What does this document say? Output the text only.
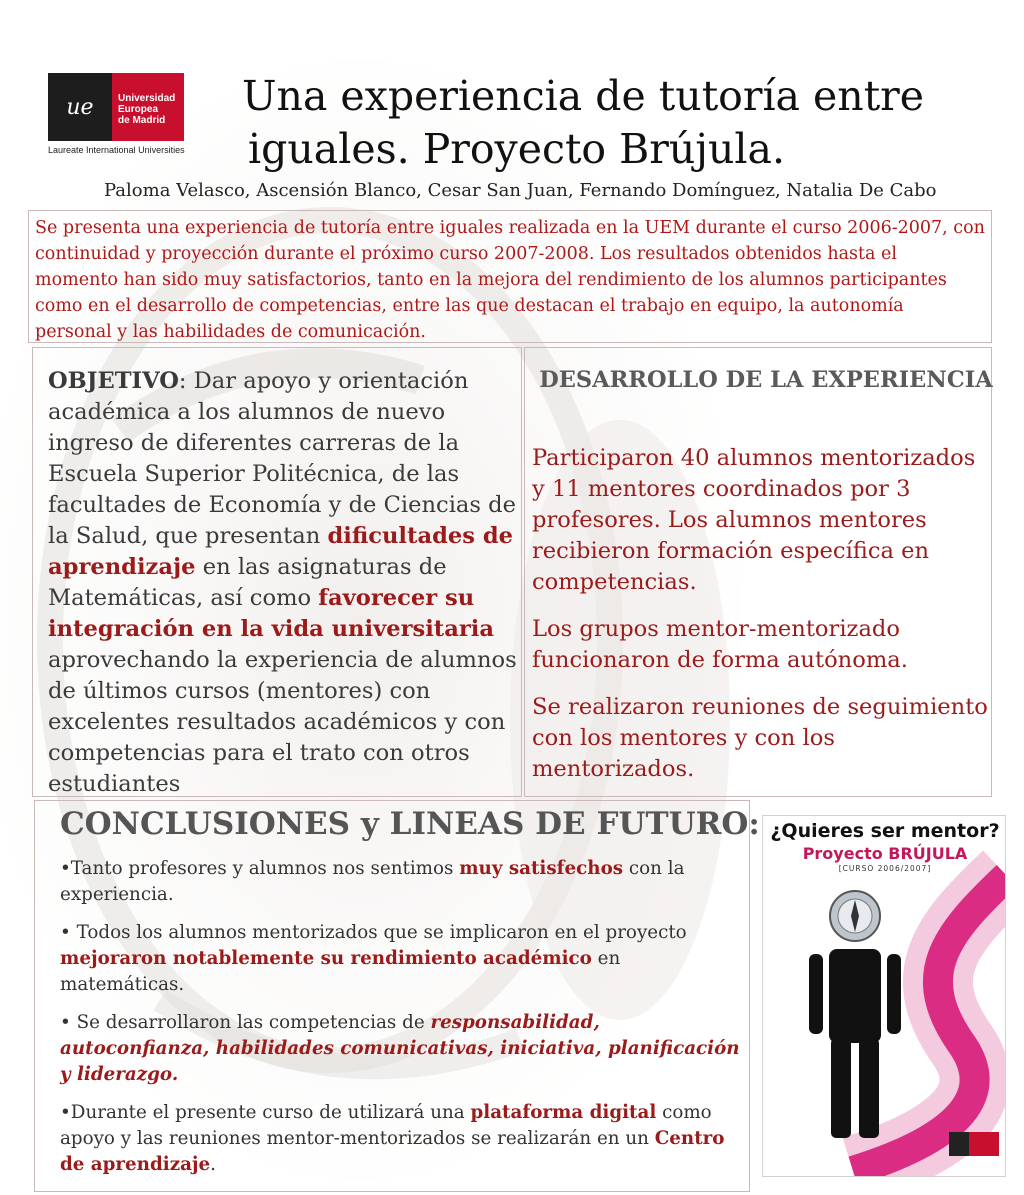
ue Universidad
Europea
de Madrid
Laureate International Universities
Una experiencia de tutoría entre
iguales. Proyecto Brújula.
Paloma Velasco, Ascensión Blanco, Cesar San Juan, Fernando Domínguez, Natalia De Cabo
Se presenta una experiencia de tutoría entre iguales realizada en la UEM durante el curso 2006-2007, con continuidad y proyección durante el próximo curso 2007-2008. Los resultados obtenidos hasta el momento han sido muy satisfactorios, tanto en la mejora del rendimiento de los alumnos participantes como en el desarrollo de competencias, entre las que destacan el trabajo en equipo, la autonomía personal y las habilidades de comunicación.
OBJETIVO: Dar apoyo y orientación académica a los alumnos de nuevo ingreso de diferentes carreras de la Escuela Superior Politécnica, de las facultades de Economía y de Ciencias de la Salud, que presentan dificultades de aprendizaje en las asignaturas de Matemáticas, así como favorecer su integración en la vida universitaria aprovechando la experiencia de alumnos de últimos cursos (mentores) con excelentes resultados académicos y con competencias para el trato con otros estudiantes
DESARROLLO DE LA EXPERIENCIA

Participaron 40 alumnos mentorizados y 11 mentores coordinados por 3 profesores. Los alumnos mentores recibieron formación específica en competencias.

Los grupos mentor-mentorizado funcionaron de forma autónoma.

Se realizaron reuniones de seguimiento con los mentores y con los mentorizados.

CONCLUSIONES y LINEAS DE FUTURO:

•Tanto profesores y alumnos nos sentimos muy satisfechos con la experiencia.

• Todos los alumnos mentorizados que se implicaron en el proyecto mejoraron notablemente su rendimiento académico en matemáticas.

• Se desarrollaron las competencias de responsabilidad, autoconfianza, habilidades comunicativas, iniciativa, planificación y liderazgo.

•Durante el presente curso de utilizará una plataforma digital como apoyo y las reuniones mentor-mentorizados se realizarán en un Centro de aprendizaje.

¿Quieres ser mentor?
Proyecto BRÚJULA
[CURSO 2006/2007]
